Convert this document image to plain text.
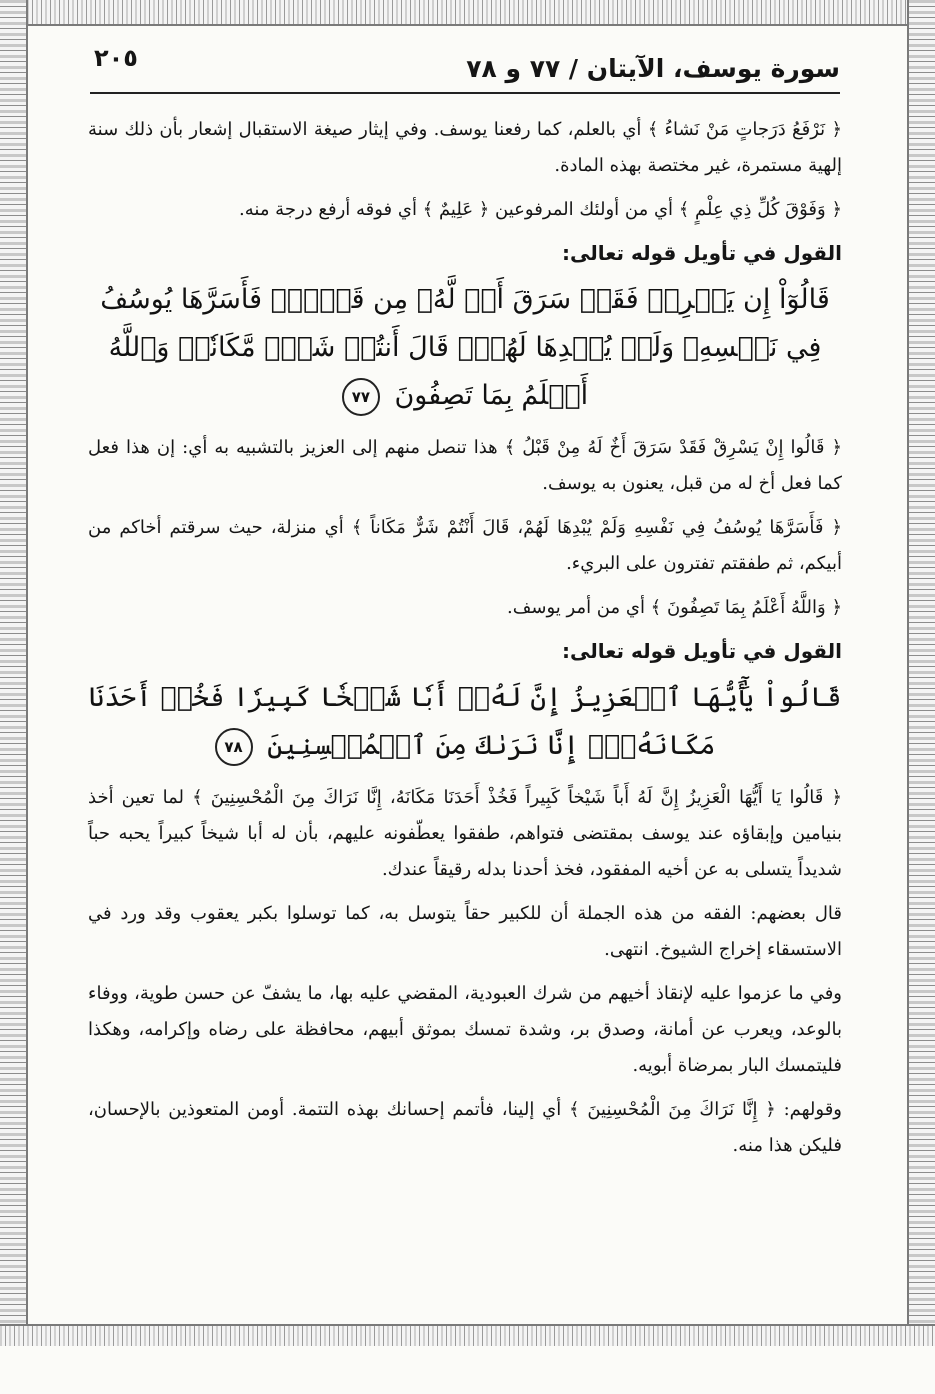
سورة يوسف، الآيتان / ٧٧ و ٧٨
٢٠٥

﴿ نَرْفَعُ دَرَجاتٍ مَنْ نَشاءُ ﴾ أي بالعلم، كما رفعنا يوسف. وفي إيثار صيغة الاستقبال إشعار بأن ذلك سنة إلهية مستمرة، غير مختصة بهذه المادة.

﴿ وَفَوْقَ كُلِّ ذِي عِلْمٍ ﴾ أي من أولئك المرفوعين ﴿ عَلِيمٌ ﴾ أي فوقه أرفع درجة منه.

القول في تأويل قوله تعالى:
قَالُوٓاْ إِن يَسۡرِقۡ فَقَدۡ سَرَقَ أَخٞ لَّهُۥ مِن قَبۡلُۚ فَأَسَرَّهَا يُوسُفُ فِي نَفۡسِهِۦ وَلَمۡ يُبۡدِهَا لَهُمۡۚ قَالَ أَنتُمۡ شَرّٞ مَّكَانٗاۖ وَٱللَّهُ أَعۡلَمُ بِمَا تَصِفُونَ ٧٧

﴿ قَالُوا إِنْ يَسْرِقْ فَقَدْ سَرَقَ أَخٌ لَهُ مِنْ قَبْلُ ﴾ هذا تنصل منهم إلى العزيز بالتشبيه به أي: إن هذا فعل كما فعل أخ له من قبل، يعنون به يوسف.

﴿ فَأَسَرَّهَا يُوسُفُ فِي نَفْسِهِ وَلَمْ يُبْدِهَا لَهُمْ، قَالَ أَنْتُمْ شَرٌّ مَكَاناً ﴾ أي منزلة، حيث سرقتم أخاكم من أبيكم، ثم طفقتم تفترون على البريء.

﴿ وَاللَّهُ أَعْلَمُ بِمَا تَصِفُونَ ﴾ أي من أمر يوسف.

القول في تأويل قوله تعالى:
قَالُواْ يَٰٓأَيُّهَا ٱلۡعَزِيزُ إِنَّ لَهُۥٓ أَبٗا شَيۡخٗا كَبِيرٗا فَخُذۡ أَحَدَنَا مَكَانَهُۥٓۖ إِنَّا نَرَىٰكَ مِنَ ٱلۡمُحۡسِنِينَ ٧٨

﴿ قَالُوا يَا أَيُّهَا الْعَزِيزُ إِنَّ لَهُ أَباً شَيْخاً كَبِيراً فَخُذْ أَحَدَنَا مَكَانَهُ، إِنَّا نَرَاكَ مِنَ الْمُحْسِنِينَ ﴾ لما تعين أخذ بنيامين وإبقاؤه عند يوسف بمقتضى فتواهم، طفقوا يعطّفونه عليهم، بأن له أبا شيخاً كبيراً يحبه حباً شديداً يتسلى به عن أخيه المفقود، فخذ أحدنا بدله رقيقاً عندك.

قال بعضهم: الفقه من هذه الجملة أن للكبير حقاً يتوسل به، كما توسلوا بكبر يعقوب وقد ورد في الاستسقاء إخراج الشيوخ. انتهى.

وفي ما عزموا عليه لإنقاذ أخيهم من شرك العبودية، المقضي عليه بها، ما يشفّ عن حسن طوية، ووفاء بالوعد، ويعرب عن أمانة، وصدق بر، وشدة تمسك بموثق أبيهم، محافظة على رضاه وإكرامه، وهكذا فليتمسك البار بمرضاة أبويه.

وقولهم: ﴿ إِنَّا نَرَاكَ مِنَ الْمُحْسِنِينَ ﴾ أي إلينا، فأتمم إحسانك بهذه التتمة. أومن المتعوذين بالإحسان، فليكن هذا منه.
